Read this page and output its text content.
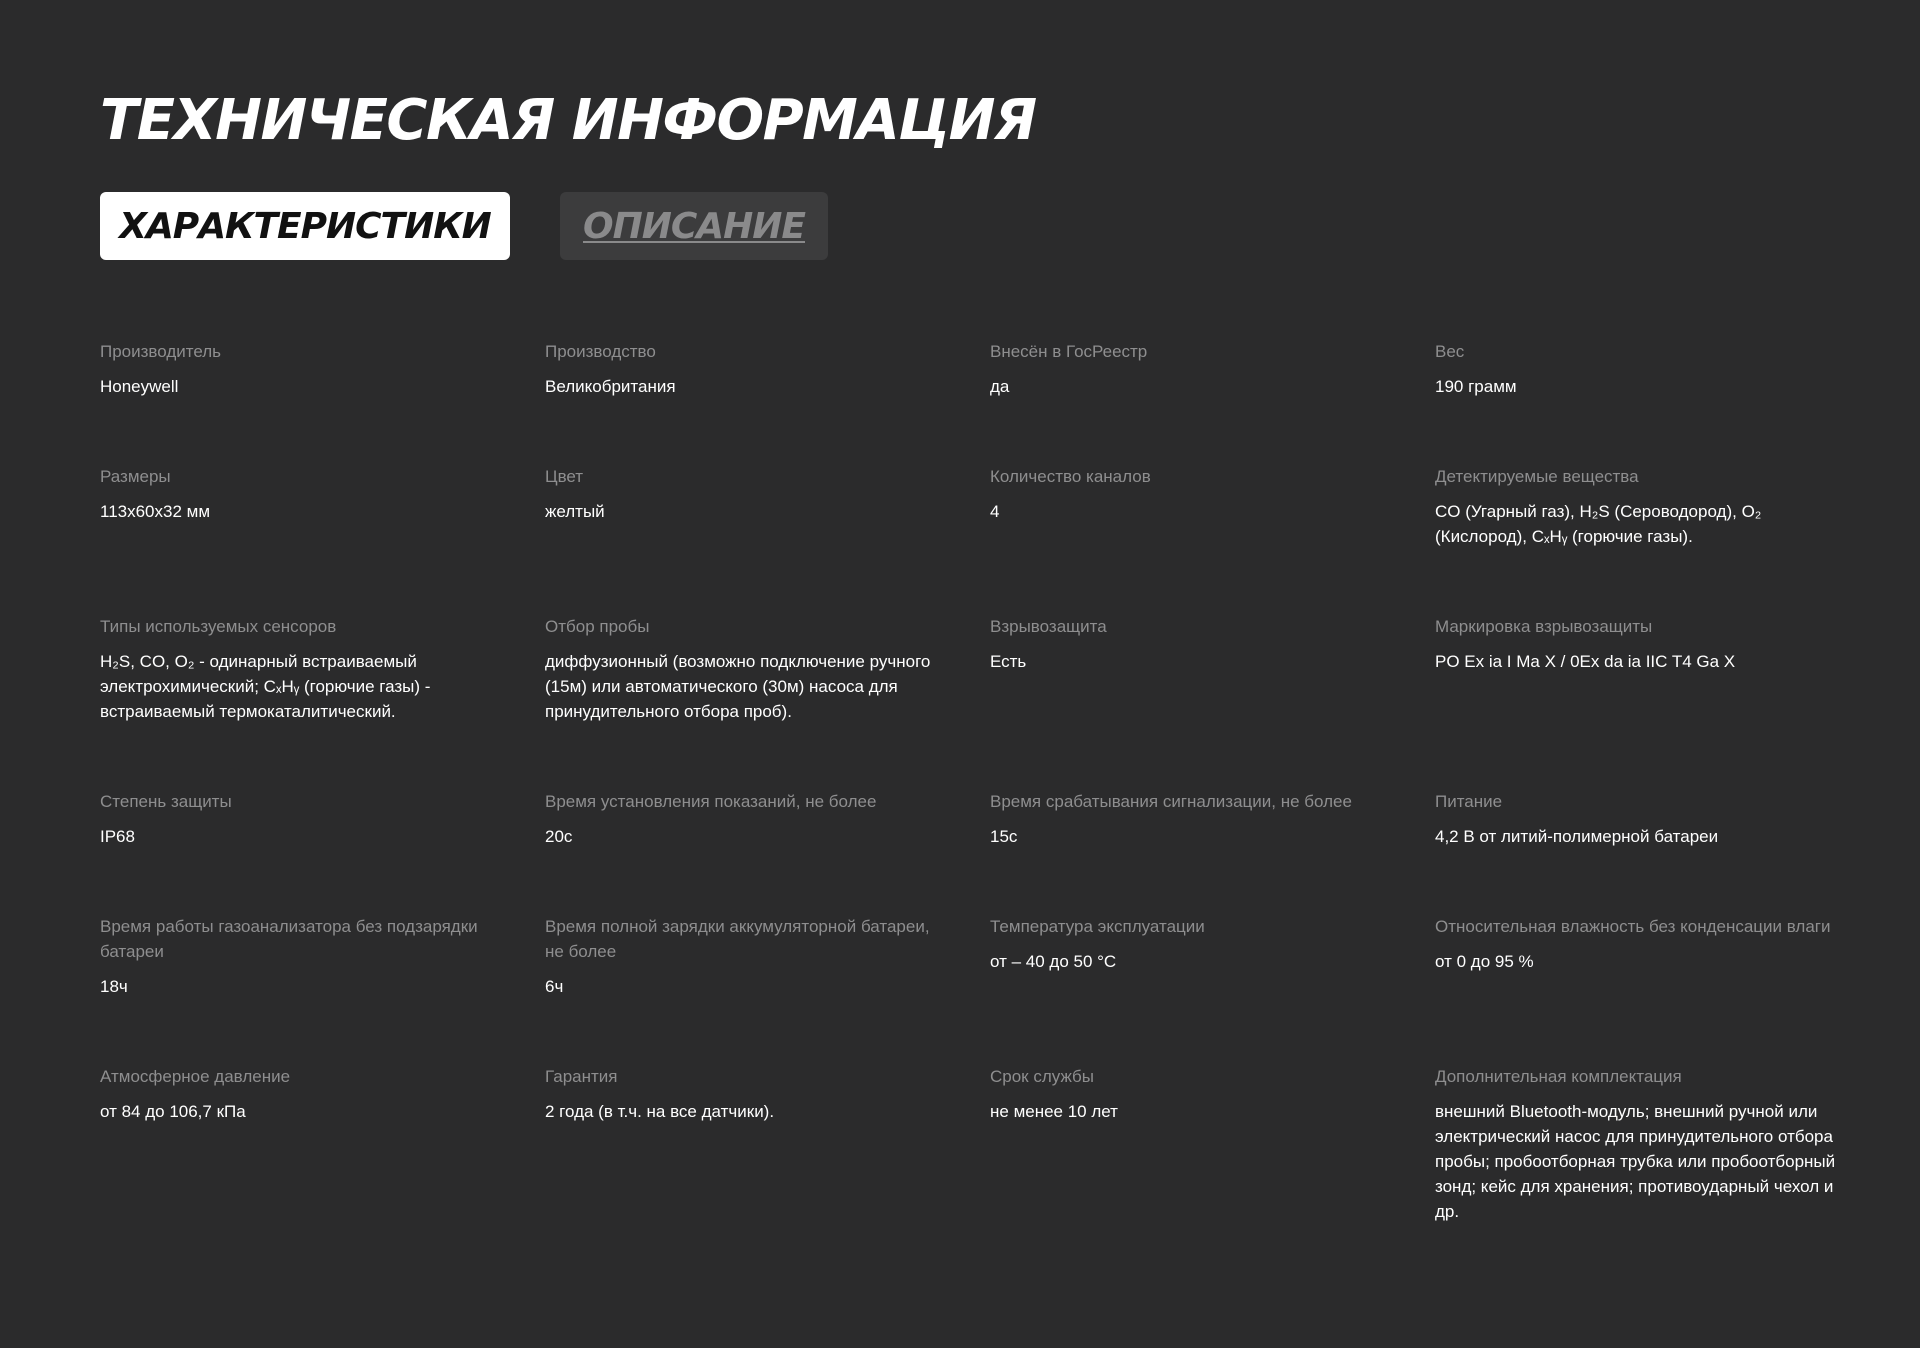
ТЕХНИЧЕСКАЯ ИНФОРМАЦИЯ
ХАРАКТЕРИСТИКИ	ОПИСАНИЕ
Производитель
Honeywell
Производство
Великобритания
Внесён в ГосРеестр
да
Вес
190 грамм
Размеры
113х60х32 мм
Цвет
желтый
Количество каналов
4
Детектируемые вещества
CO (Угарный газ), H₂S (Сероводород), O₂ (Кислород), CₓHᵧ (горючие газы).
Типы используемых сенсоров
H₂S, CO, O₂ - одинарный встраиваемый электрохимический; CₓHᵧ (горючие газы) - встраиваемый термокаталитический.
Отбор пробы
диффузионный (возможно подключение ручного (15м) или автоматического (30м) насоса для принудительного отбора проб).
Взрывозащита
Есть
Маркировка взрывозащиты
PO Ex ia I Ma X / 0Ex da ia IIC T4 Ga X
Степень защиты
IP68
Время установления показаний, не более
20с
Время срабатывания сигнализации, не более
15с
Питание
4,2 В от литий-полимерной батареи
Время работы газоанализатора без подзарядки батареи
18ч
Время полной зарядки аккумуляторной батареи, не более
6ч
Температура эксплуатации
от – 40 до 50 °С
Относительная влажность без конденсации влаги
от 0 до 95 %
Атмосферное давление
от 84 до 106,7 кПа
Гарантия
2 года (в т.ч. на все датчики).
Срок службы
не менее 10 лет
Дополнительная комплектация
внешний Bluetooth-модуль; внешний ручной или электрический насос для принудительного отбора пробы; пробоотборная трубка или пробоотборный зонд; кейс для хранения; противоударный чехол и др.
